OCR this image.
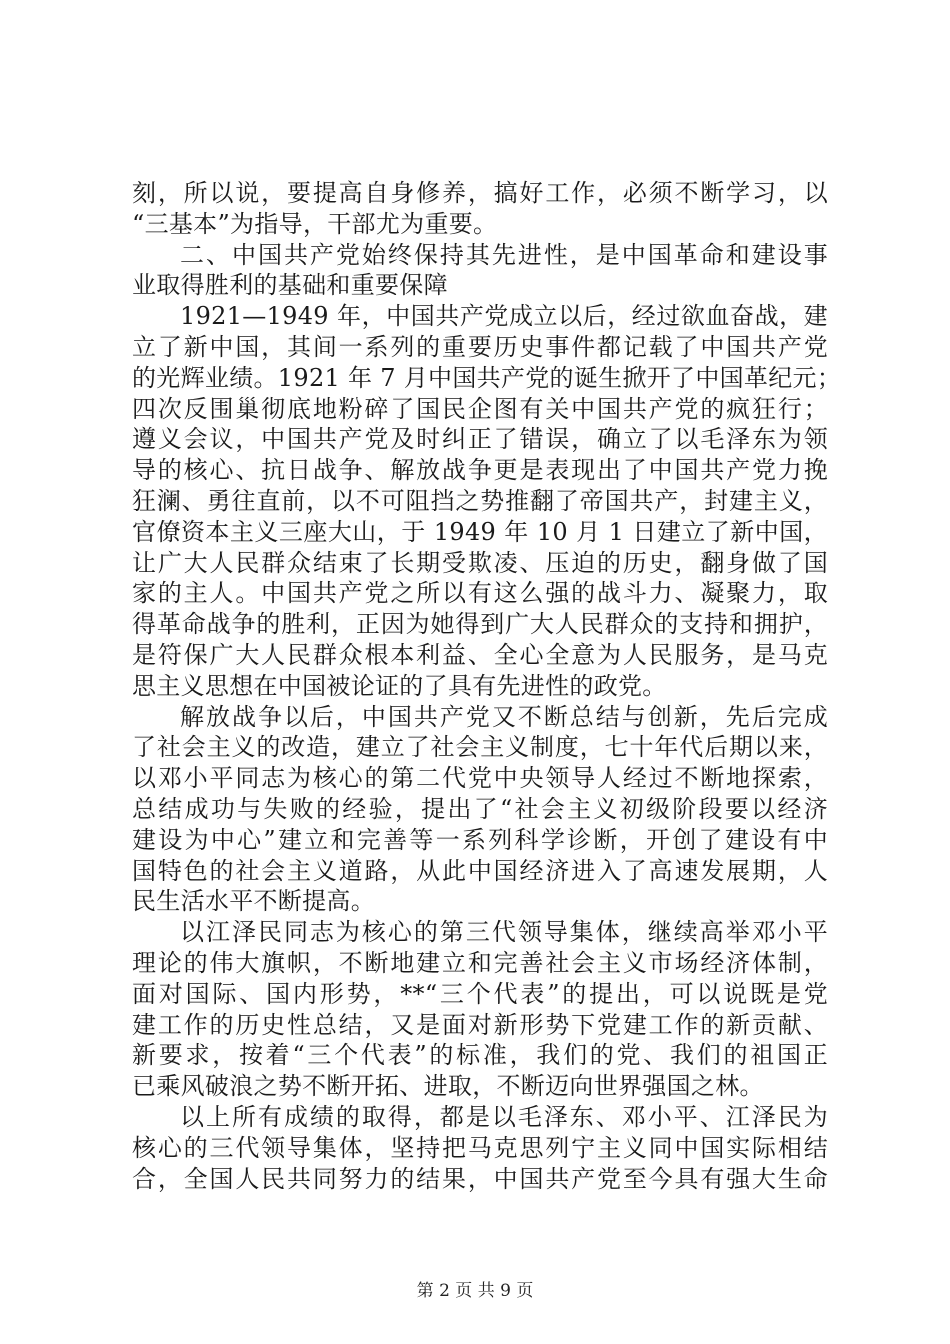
刻，所以说，要提高自身修养，搞好工作，必须不断学习，以
“三基本”为指导，干部尤为重要。
二、中国共产党始终保持其先进性，是中国革命和建设事
业取得胜利的基础和重要保障
1921—1949 年，中国共产党成立以后，经过欲血奋战，建
立了新中国，其间一系列的重要历史事件都记载了中国共产党
的光辉业绩。1921 年 7 月中国共产党的诞生掀开了中国革纪元；
四次反围巢彻底地粉碎了国民企图有关中国共产党的疯狂行；
遵义会议，中国共产党及时纠正了错误，确立了以毛泽东为领
导的核心、抗日战争、解放战争更是表现出了中国共产党力挽
狂澜、勇往直前，以不可阻挡之势推翻了帝国共产，封建主义，
官僚资本主义三座大山，于 1949 年 10 月 1 日建立了新中国，
让广大人民群众结束了长期受欺凌、压迫的历史，翻身做了国
家的主人。中国共产党之所以有这么强的战斗力、凝聚力，取
得革命战争的胜利，正因为她得到广大人民群众的支持和拥护，
是符保广大人民群众根本利益、全心全意为人民服务，是马克
思主义思想在中国被论证的了具有先进性的政党。
解放战争以后，中国共产党又不断总结与创新，先后完成
了社会主义的改造，建立了社会主义制度，七十年代后期以来，
以邓小平同志为核心的第二代党中央领导人经过不断地探索，
总结成功与失败的经验，提出了“社会主义初级阶段要以经济
建设为中心”建立和完善等一系列科学诊断，开创了建设有中
国特色的社会主义道路，从此中国经济进入了高速发展期，人
民生活水平不断提高。
以江泽民同志为核心的第三代领导集体，继续高举邓小平
理论的伟大旗帜，不断地建立和完善社会主义市场经济体制，
面对国际、国内形势，**“三个代表”的提出，可以说既是党
建工作的历史性总结，又是面对新形势下党建工作的新贡献、
新要求，按着“三个代表”的标准，我们的党、我们的祖国正
已乘风破浪之势不断开拓、进取，不断迈向世界强国之林。
以上所有成绩的取得，都是以毛泽东、邓小平、江泽民为
核心的三代领导集体，坚持把马克思列宁主义同中国实际相结
合，全国人民共同努力的结果，中国共产党至今具有强大生命
第 2 页 共 9 页
